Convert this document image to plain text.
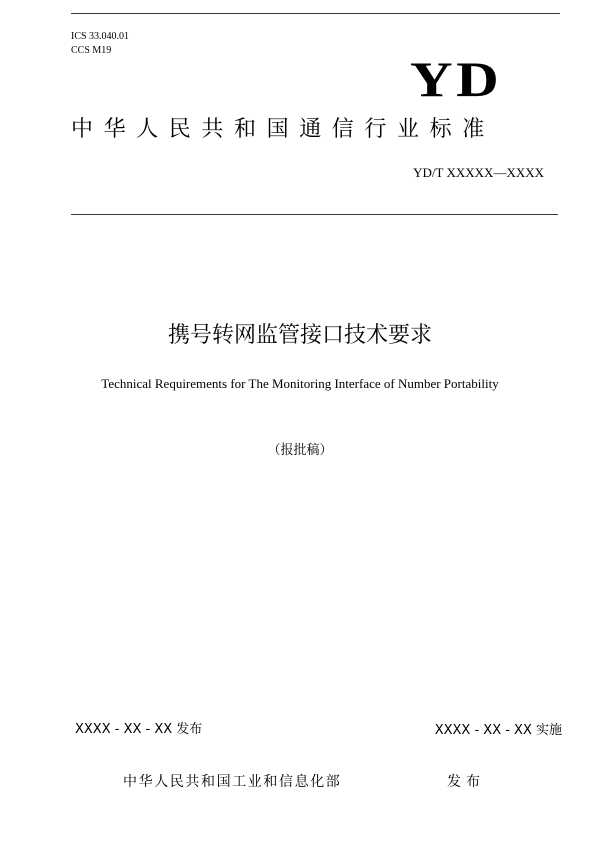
ICS 33.040.01
CCS M19
YD
中华人民共和国通信行业标准
YD/T XXXXX—XXXX
携号转网监管接口技术要求
Technical Requirements for The Monitoring Interface of Number Portability
（报批稿）
XXXX - XX - XX 发布	XXXX - XX - XX 实施
中华人民共和国工业和信息化部	发布
